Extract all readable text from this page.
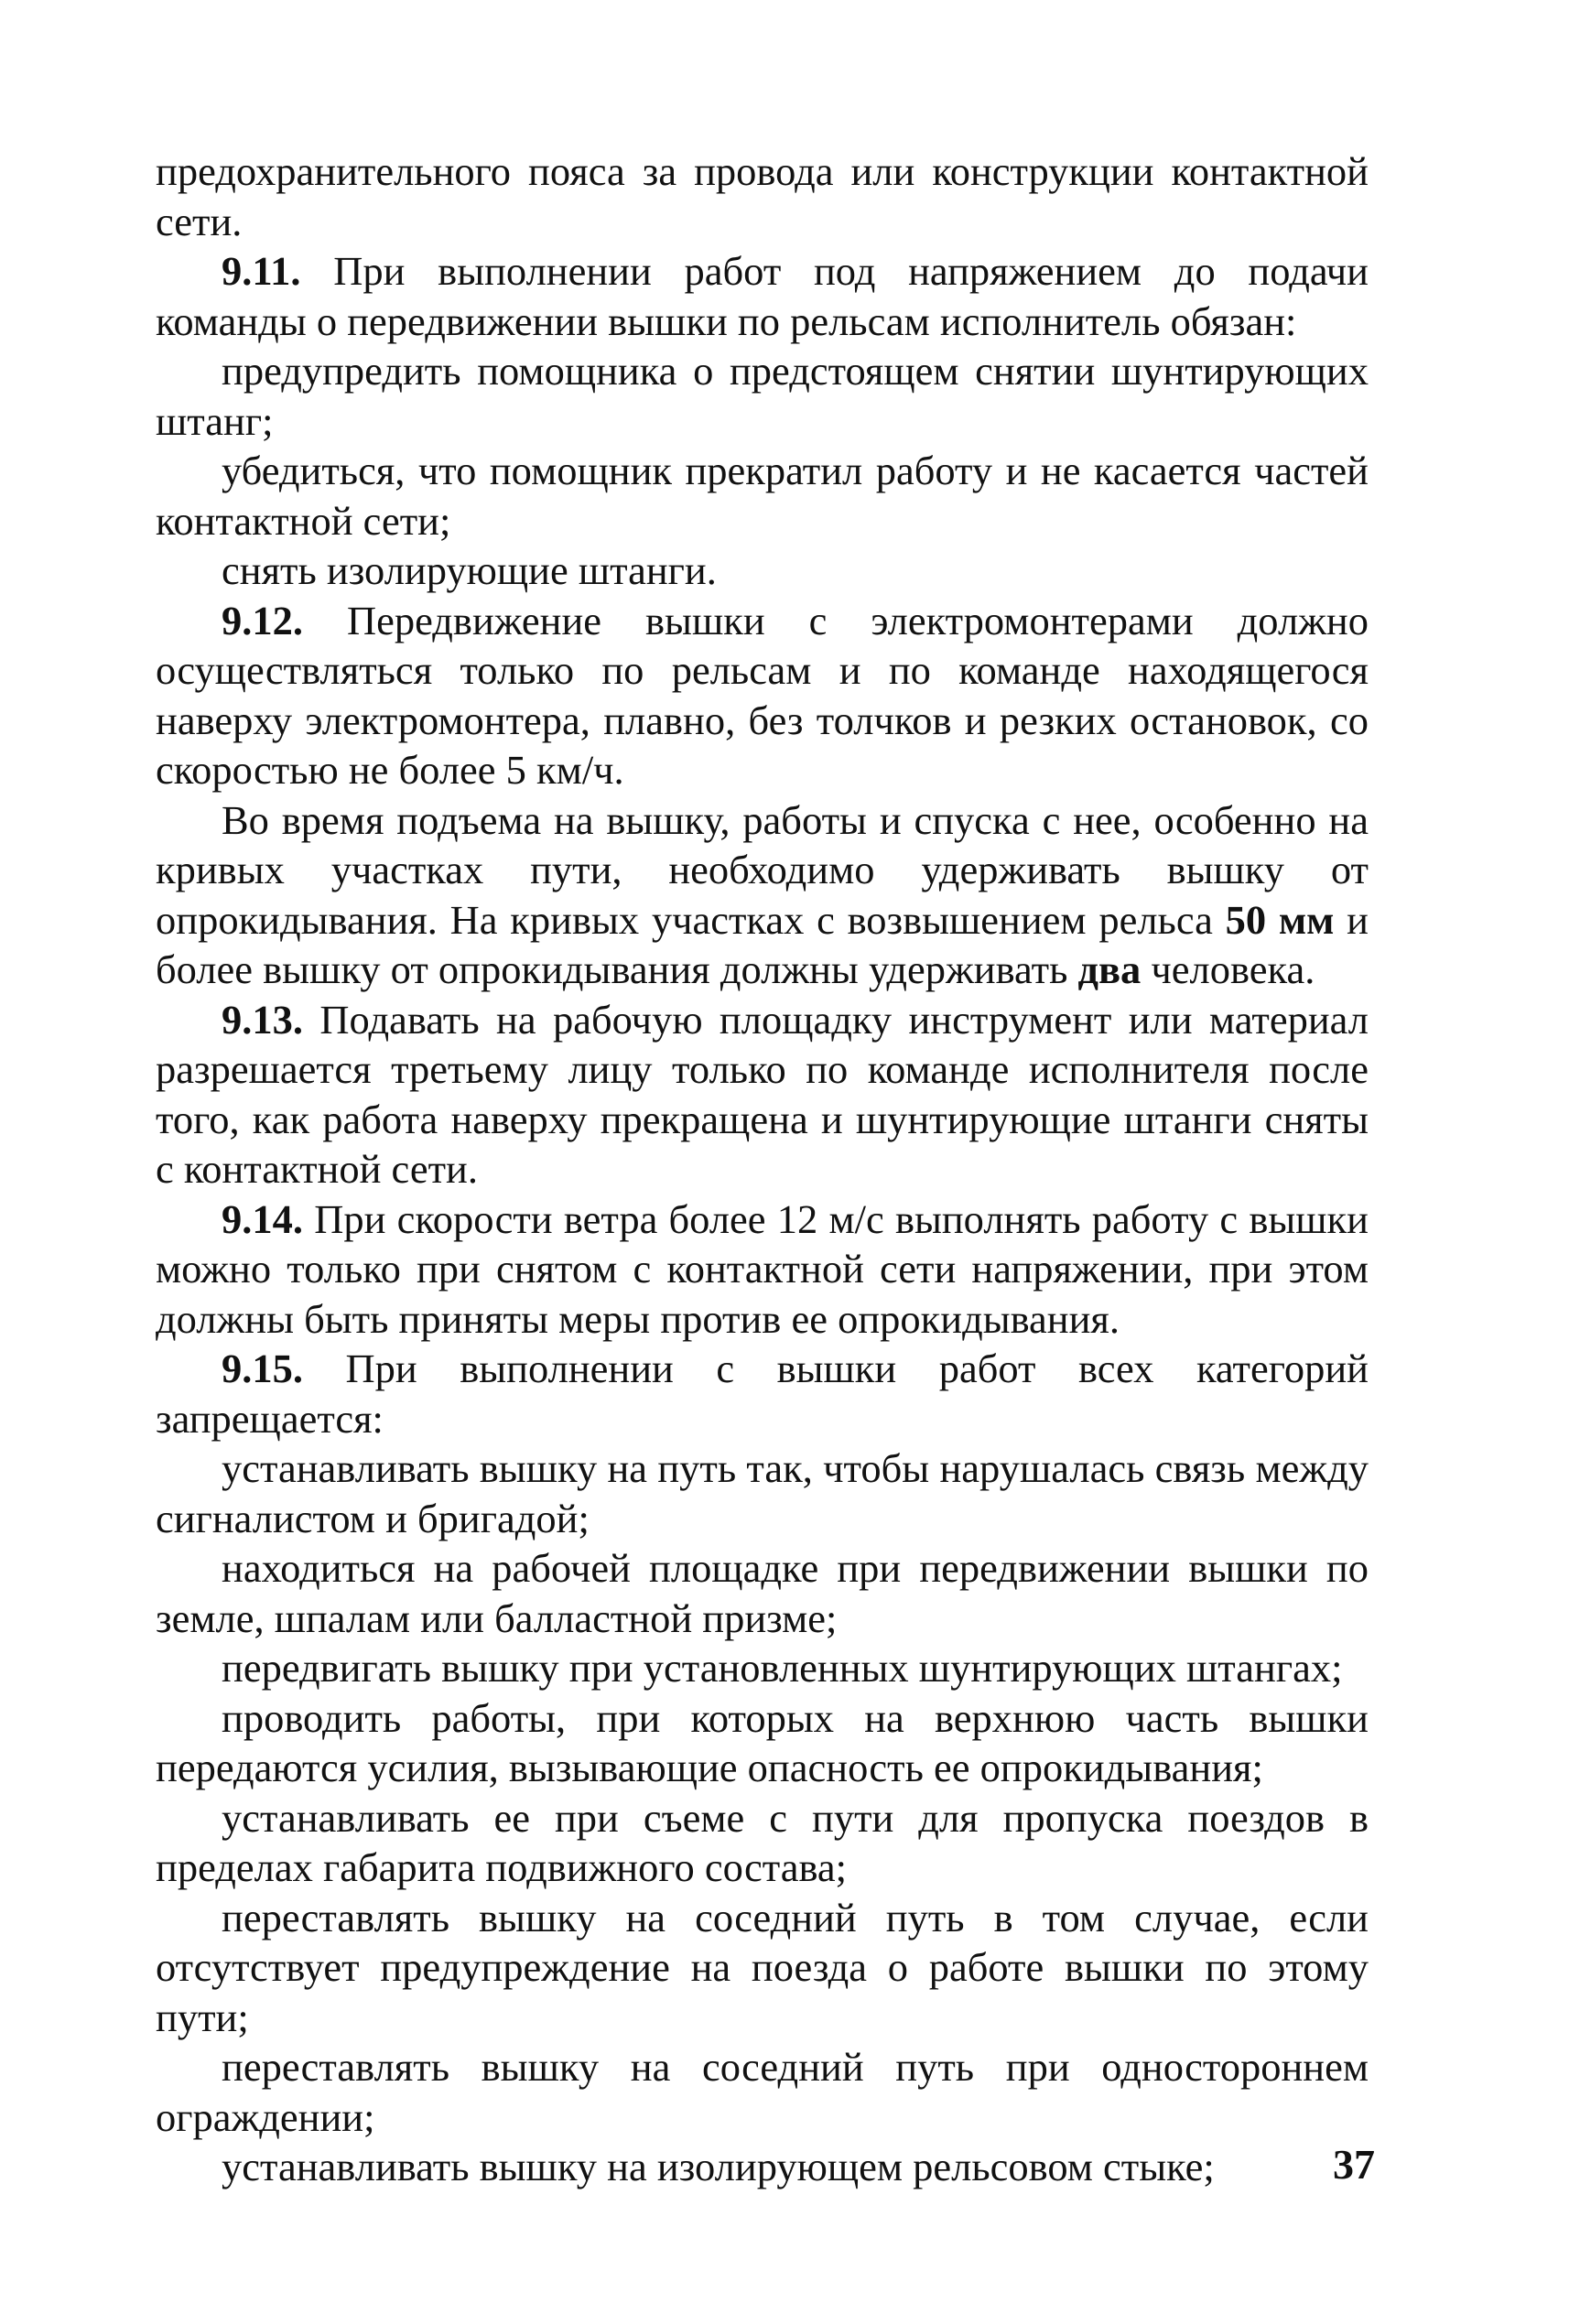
предохранительного пояса за провода или конструкции контактной сети.

9.11. При выполнении работ под напряжением до подачи команды о передвижении вышки по рельсам исполнитель обязан:

предупредить помощника о предстоящем снятии шунтирующих штанг;

убедиться, что помощник прекратил работу и не касается частей контактной сети;

снять изолирующие штанги.

9.12. Передвижение вышки с электромонтерами должно осуществляться только по рельсам и по команде находящегося наверху электромонтера, плавно, без толчков и резких остановок, со скоростью не более 5 км/ч.

Во время подъема на вышку, работы и спуска с нее, особенно на кривых участках пути, необходимо удерживать вышку от опрокидывания. На кривых участках с возвышением рельса 50 мм и более вышку от опрокидывания должны удерживать два человека.

9.13. Подавать на рабочую площадку инструмент или материал разрешается третьему лицу только по команде исполнителя после того, как работа наверху прекращена и шунтирующие штанги сняты с контактной сети.

9.14. При скорости ветра более 12 м/с выполнять работу с вышки можно только при снятом с контактной сети напряжении, при этом должны быть приняты меры против ее опрокидывания.

9.15. При выполнении с вышки работ всех категорий запрещается:

устанавливать вышку на путь так, чтобы нарушалась связь между сигналистом и бригадой;

находиться на рабочей площадке при передвижении вышки по земле, шпалам или балластной призме;

передвигать вышку при установленных шунтирующих штангах;

проводить работы, при которых на верхнюю часть вышки передаются усилия, вызывающие опасность ее опрокидывания;

устанавливать ее при съеме с пути для пропуска поездов в пределах габарита подвижного состава;

переставлять вышку на соседний путь в том случае, если отсутствует предупреждение на поезда о работе вышки по этому пути;

переставлять вышку на соседний путь при одностороннем ограждении;

устанавливать вышку на изолирующем рельсовом стыке;	37
